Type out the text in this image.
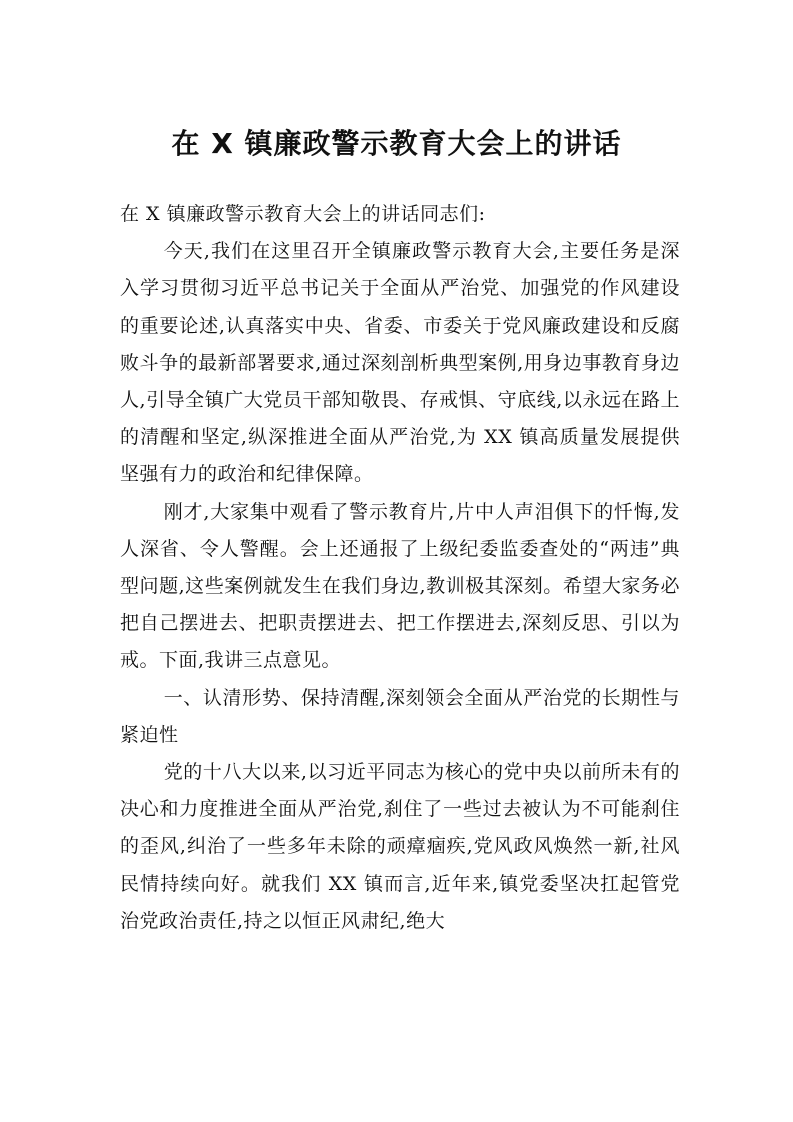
在 X 镇廉政警示教育大会上的讲话

在 X 镇廉政警示教育大会上的讲话同志们:

今天,我们在这里召开全镇廉政警示教育大会,主要任务是深入学习贯彻习近平总书记关于全面从严治党、加强党的作风建设的重要论述,认真落实中央、省委、市委关于党风廉政建设和反腐败斗争的最新部署要求,通过深刻剖析典型案例,用身边事教育身边人,引导全镇广大党员干部知敬畏、存戒惧、守底线,以永远在路上的清醒和坚定,纵深推进全面从严治党,为 XX 镇高质量发展提供坚强有力的政治和纪律保障。

刚才,大家集中观看了警示教育片,片中人声泪俱下的忏悔,发人深省、令人警醒。会上还通报了上级纪委监委查处的“两违”典型问题,这些案例就发生在我们身边,教训极其深刻。希望大家务必把自己摆进去、把职责摆进去、把工作摆进去,深刻反思、引以为戒。下面,我讲三点意见。

一、认清形势、保持清醒,深刻领会全面从严治党的长期性与紧迫性

党的十八大以来,以习近平同志为核心的党中央以前所未有的决心和力度推进全面从严治党,刹住了一些过去被认为不可能刹住的歪风,纠治了一些多年未除的顽瘴痼疾,党风政风焕然一新,社风民情持续向好。就我们 XX 镇而言,近年来,镇党委坚决扛起管党治党政治责任,持之以恒正风肃纪,绝大
